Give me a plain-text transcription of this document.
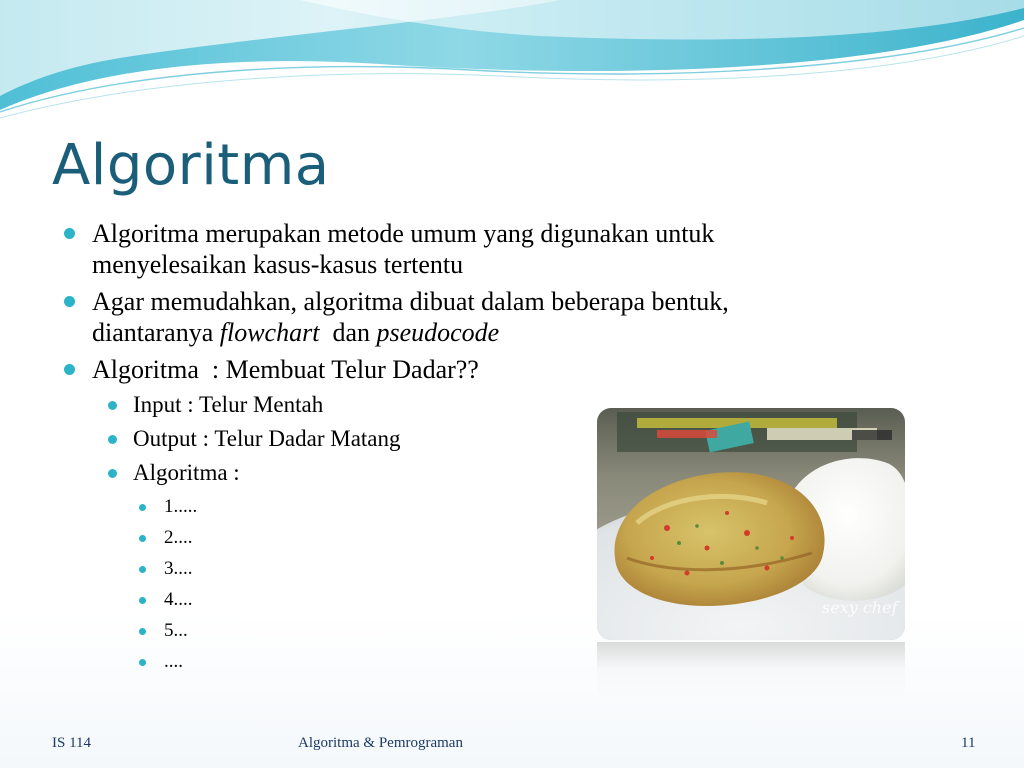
Algoritma
Algoritma merupakan metode umum yang digunakan untuk
menyelesaikan kasus-kasus tertentu
Agar memudahkan, algoritma dibuat dalam beberapa bentuk,
diantaranya flowchart  dan pseudocode
Algoritma  : Membuat Telur Dadar??
Input : Telur Mentah
Output : Telur Dadar Matang
Algoritma :
1.....
2....
3....
4....
5...
....
sexy chef
IS 114	Algoritma & Pemrograman	11
